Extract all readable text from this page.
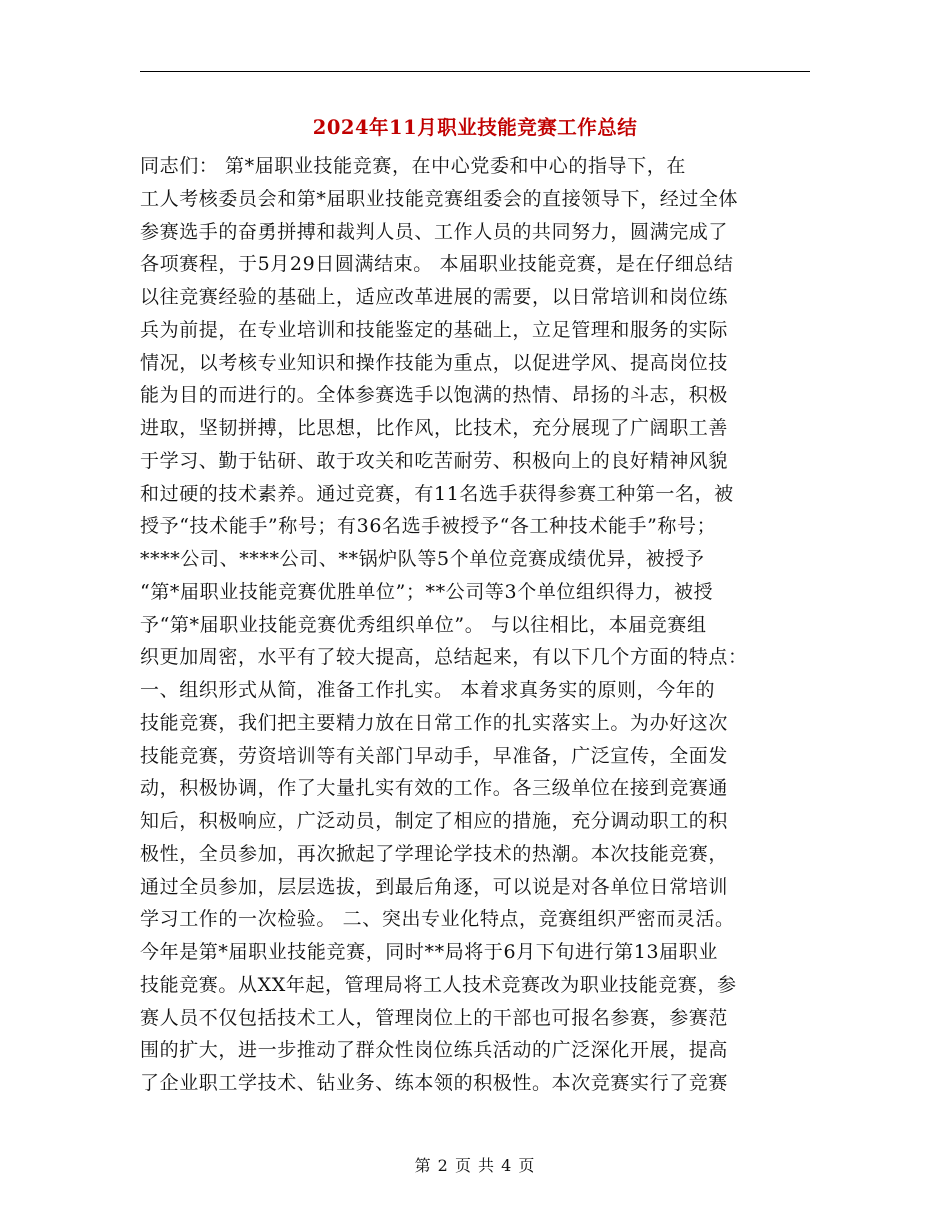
2024年11月职业技能竞赛工作总结
同志们： 第*届职业技能竞赛，在中心党委和中心的指导下，在
工人考核委员会和第*届职业技能竞赛组委会的直接领导下，经过全体
参赛选手的奋勇拼搏和裁判人员、工作人员的共同努力，圆满完成了
各项赛程，于5月29日圆满结束。 本届职业技能竞赛，是在仔细总结
以往竞赛经验的基础上，适应改革进展的需要，以日常培训和岗位练
兵为前提，在专业培训和技能鉴定的基础上，立足管理和服务的实际
情况，以考核专业知识和操作技能为重点，以促进学风、提高岗位技
能为目的而进行的。全体参赛选手以饱满的热情、昂扬的斗志，积极
进取，坚韧拼搏，比思想，比作风，比技术，充分展现了广阔职工善
于学习、勤于钻研、敢于攻关和吃苦耐劳、积极向上的良好精神风貌
和过硬的技术素养。通过竞赛，有11名选手获得参赛工种第一名，被
授予“技术能手”称号；有36名选手被授予“各工种技术能手”称号；
****公司、****公司、**锅炉队等5个单位竞赛成绩优异，被授予
“第*届职业技能竞赛优胜单位”；**公司等3个单位组织得力，被授
予“第*届职业技能竞赛优秀组织单位”。 与以往相比，本届竞赛组
织更加周密，水平有了较大提高，总结起来，有以下几个方面的特点：
一、组织形式从简，准备工作扎实。 本着求真务实的原则，今年的
技能竞赛，我们把主要精力放在日常工作的扎实落实上。为办好这次
技能竞赛，劳资培训等有关部门早动手，早准备，广泛宣传，全面发
动，积极协调，作了大量扎实有效的工作。各三级单位在接到竞赛通
知后，积极响应，广泛动员，制定了相应的措施，充分调动职工的积
极性，全员参加，再次掀起了学理论学技术的热潮。本次技能竞赛，
通过全员参加，层层选拔，到最后角逐，可以说是对各单位日常培训
学习工作的一次检验。 二、突出专业化特点，竞赛组织严密而灵活。
今年是第*届职业技能竞赛，同时**局将于6月下旬进行第13届职业
技能竞赛。从XX年起，管理局将工人技术竞赛改为职业技能竞赛，参
赛人员不仅包括技术工人，管理岗位上的干部也可报名参赛，参赛范
围的扩大，进一步推动了群众性岗位练兵活动的广泛深化开展，提高
了企业职工学技术、钻业务、练本领的积极性。本次竞赛实行了竞赛
第 2 页 共 4 页
